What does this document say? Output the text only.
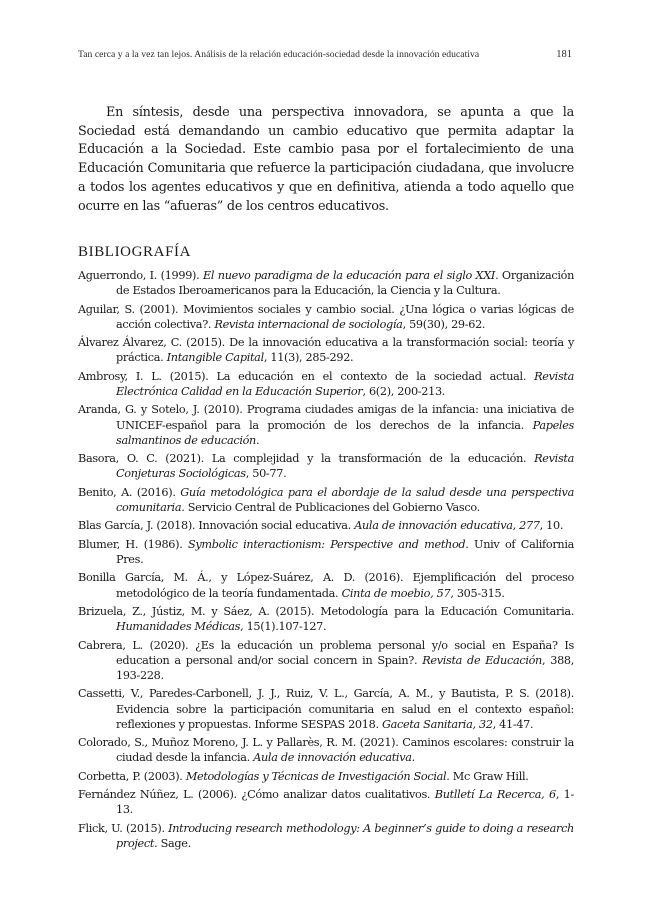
Tan cerca y a la vez tan lejos. Análisis de la relación educación-sociedad desde la innovación educativa	181

En síntesis, desde una perspectiva innovadora, se apunta a que la Sociedad está demandando un cambio educativo que permita adaptar la Educación a la Sociedad. Este cambio pasa por el fortalecimiento de una Educación Comunitaria que refuerce la participación ciudadana, que involucre a todos los agentes educativos y que en definitiva, atienda a todo aquello que ocurre en las “afueras” de los centros educativos.

BIBLIOGRAFÍA
Aguerrondo, I. (1999). El nuevo paradigma de la educación para el siglo XXI. Organización de Estados Iberoamericanos para la Educación, la Ciencia y la Cultura.
Aguilar, S. (2001). Movimientos sociales y cambio social. ¿Una lógica o varias lógicas de acción colectiva?. Revista internacional de sociología, 59(30), 29-62.
Álvarez Álvarez, C. (2015). De la innovación educativa a la transformación social: teoría y práctica. Intangible Capital, 11(3), 285-292.
Ambrosy, I. L. (2015). La educación en el contexto de la sociedad actual. Revista Electrónica Calidad en la Educación Superior, 6(2), 200-213.
Aranda, G. y Sotelo, J. (2010). Programa ciudades amigas de la infancia: una iniciativa de UNICEF-español para la promoción de los derechos de la infancia. Papeles salmantinos de educación.
Basora, O. C. (2021). La complejidad y la transformación de la educación. Revista Conjeturas Sociológicas, 50-77.
Benito, A. (2016). Guía metodológica para el abordaje de la salud desde una perspectiva comunitaria. Servicio Central de Publicaciones del Gobierno Vasco.
Blas García, J. (2018). Innovación social educativa. Aula de innovación educativa, 277, 10.
Blumer, H. (1986). Symbolic interactionism: Perspective and method. Univ of California Pres.
Bonilla García, M. Á., y López-Suárez, A. D. (2016). Ejemplificación del proceso metodológico de la teoría fundamentada. Cinta de moebio, 57, 305-315.
Brizuela, Z., Jústiz, M. y Sáez, A. (2015). Metodología para la Educación Comunitaria. Humanidades Médicas, 15(1).107-127.
Cabrera, L. (2020). ¿Es la educación un problema personal y/o social en España? Is education a personal and/or social concern in Spain?. Revista de Educación, 388, 193-228.
Cassetti, V., Paredes-Carbonell, J. J., Ruiz, V. L., García, A. M., y Bautista, P. S. (2018). Evidencia sobre la participación comunitaria en salud en el contexto español: reflexiones y propuestas. Informe SESPAS 2018. Gaceta Sanitaria, 32, 41-47.
Colorado, S., Muñoz Moreno, J. L. y Pallarès, R. M. (2021). Caminos escolares: construir la ciudad desde la infancia. Aula de innovación educativa.
Corbetta, P. (2003). Metodologías y Técnicas de Investigación Social. Mc Graw Hill.
Fernández Núñez, L. (2006). ¿Cómo analizar datos cualitativos. Butlletí La Recerca, 6, 1-13.
Flick, U. (2015). Introducing research methodology: A beginner’s guide to doing a research project. Sage.
